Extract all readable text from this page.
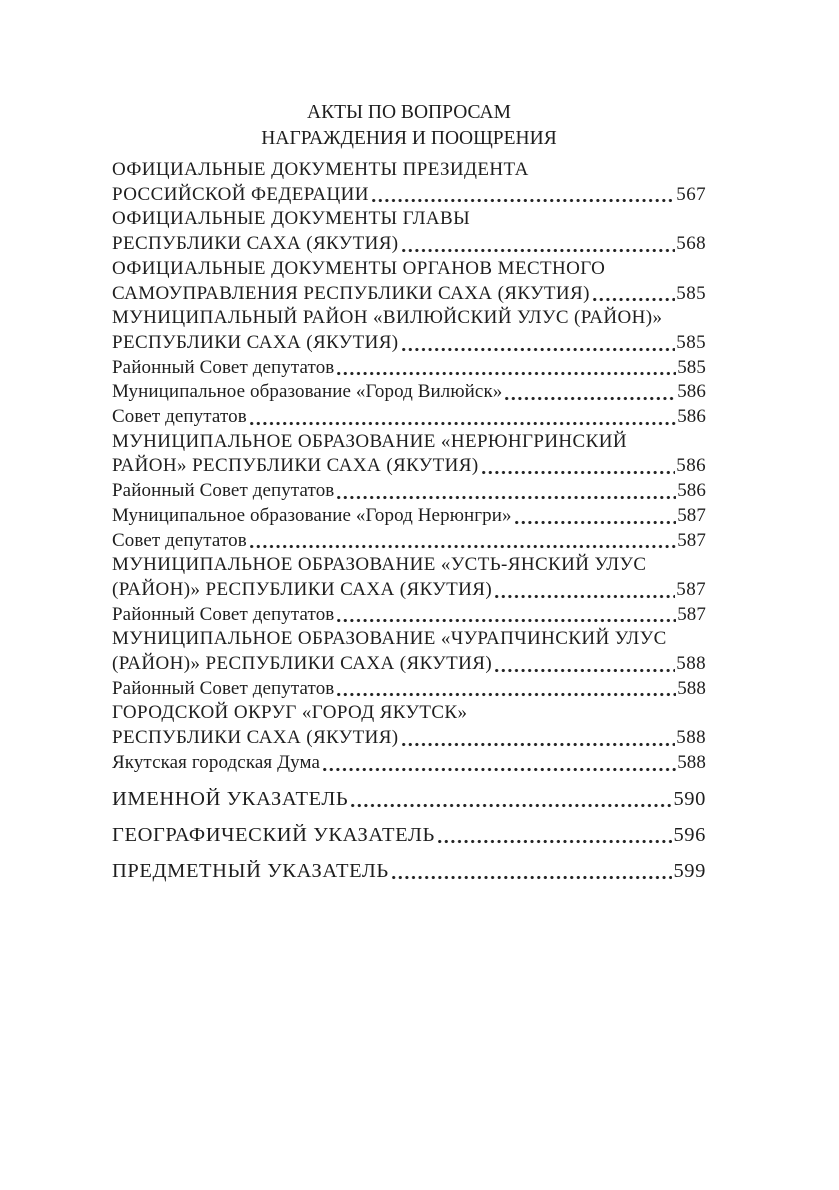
АКТЫ ПО ВОПРОСАМ
НАГРАЖДЕНИЯ И ПООЩРЕНИЯ
ОФИЦИАЛЬНЫЕ ДОКУМЕНТЫ ПРЕЗИДЕНТА
РОССИЙСКОЙ ФЕДЕРАЦИИ	567
ОФИЦИАЛЬНЫЕ ДОКУМЕНТЫ ГЛАВЫ
РЕСПУБЛИКИ САХА (ЯКУТИЯ)	568
ОФИЦИАЛЬНЫЕ ДОКУМЕНТЫ ОРГАНОВ МЕСТНОГО
САМОУПРАВЛЕНИЯ РЕСПУБЛИКИ САХА (ЯКУТИЯ)	585
МУНИЦИПАЛЬНЫЙ РАЙОН «ВИЛЮЙСКИЙ УЛУС (РАЙОН)»
РЕСПУБЛИКИ САХА (ЯКУТИЯ)	585
Районный Совет депутатов	585
Муниципальное образование «Город Вилюйск»	586
Совет депутатов	586
МУНИЦИПАЛЬНОЕ ОБРАЗОВАНИЕ «НЕРЮНГРИНСКИЙ
РАЙОН» РЕСПУБЛИКИ САХА (ЯКУТИЯ)	586
Районный Совет депутатов	586
Муниципальное образование «Город Нерюнгри»	587
Совет депутатов	587
МУНИЦИПАЛЬНОЕ ОБРАЗОВАНИЕ «УСТЬ-ЯНСКИЙ УЛУС
(РАЙОН)» РЕСПУБЛИКИ САХА (ЯКУТИЯ)	587
Районный Совет депутатов	587
МУНИЦИПАЛЬНОЕ ОБРАЗОВАНИЕ «ЧУРАПЧИНСКИЙ УЛУС
(РАЙОН)» РЕСПУБЛИКИ САХА (ЯКУТИЯ)	588
Районный Совет депутатов	588
ГОРОДСКОЙ ОКРУГ «ГОРОД ЯКУТСК»
РЕСПУБЛИКИ САХА (ЯКУТИЯ)	588
Якутская городская Дума	588
ИМЕННОЙ УКАЗАТЕЛЬ	590
ГЕОГРАФИЧЕСКИЙ УКАЗАТЕЛЬ	596
ПРЕДМЕТНЫЙ УКАЗАТЕЛЬ	599
